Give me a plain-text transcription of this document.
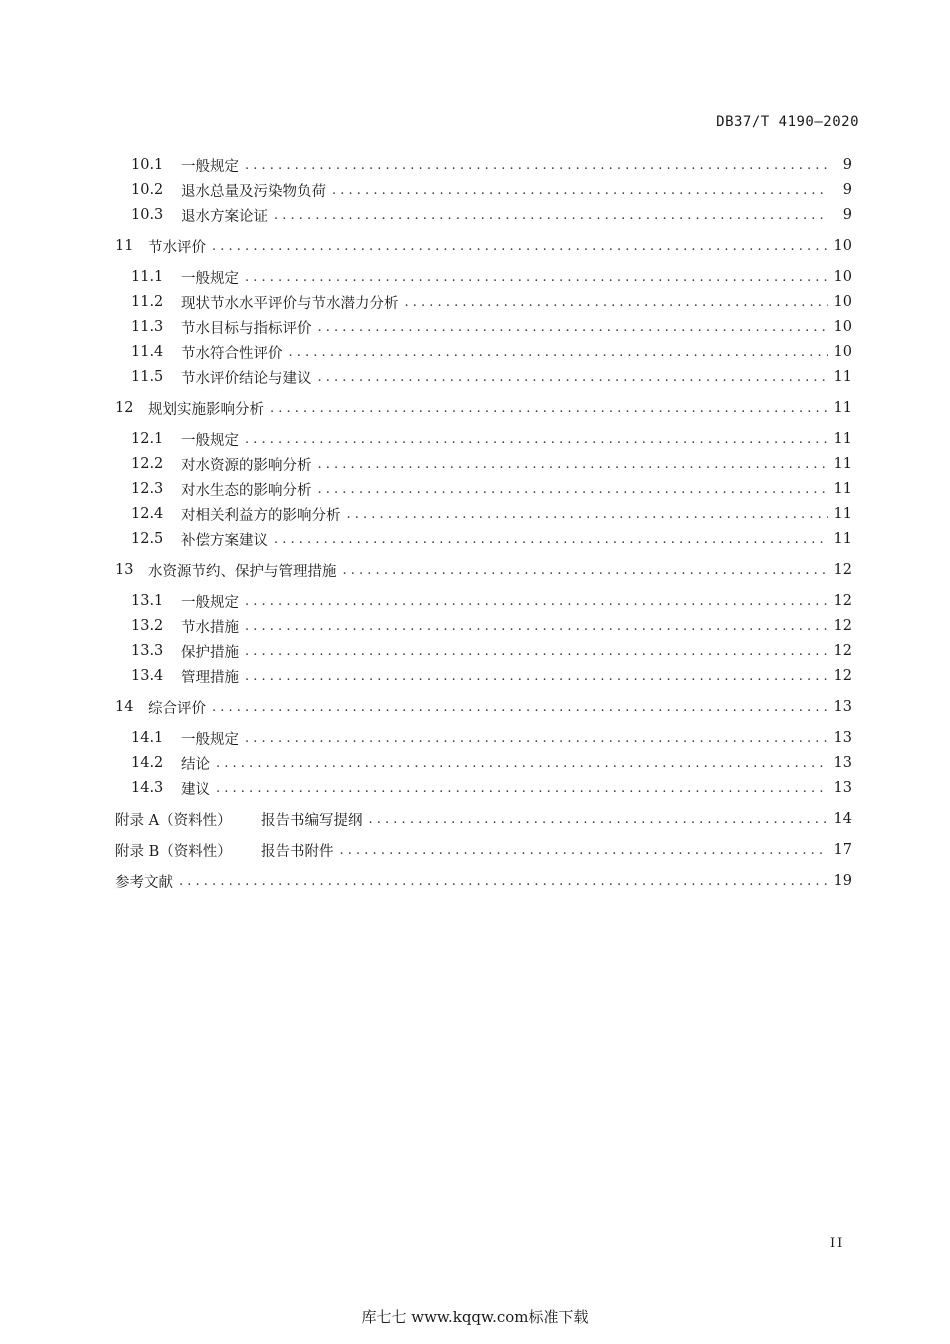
DB37/T 4190—2020
10.1	一般规定 . . .	9
10.2	退水总量及污染物负荷 . . .	9
10.3	退水方案论证 . . .	9
11	节水评价 . . .	10
11.1	一般规定 . . .	10
11.2	现状节水水平评价与节水潜力分析 . . .	10
11.3	节水目标与指标评价 . . .	10
11.4	节水符合性评价 . . .	10
11.5	节水评价结论与建议 . . .	11
12	规划实施影响分析 . . .	11
12.1	一般规定 . . .	11
12.2	对水资源的影响分析 . . .	11
12.3	对水生态的影响分析 . . .	11
12.4	对相关利益方的影响分析 . . .	11
12.5	补偿方案建议 . . .	11
13	水资源节约、保护与管理措施 . . .	12
13.1	一般规定 . . .	12
13.2	节水措施 . . .	12
13.3	保护措施 . . .	12
13.4	管理措施 . . .	12
14	综合评价 . . .	13
14.1	一般规定 . . .	13
14.2	结论 . . .	13
14.3	建议 . . .	13
附录 A（资料性）	报告书编写提纲 . . .	14
附录 B（资料性）	报告书附件 . . .	17
参考文献 . . .	19
II
库七七 www.kqqw.com标准下载
